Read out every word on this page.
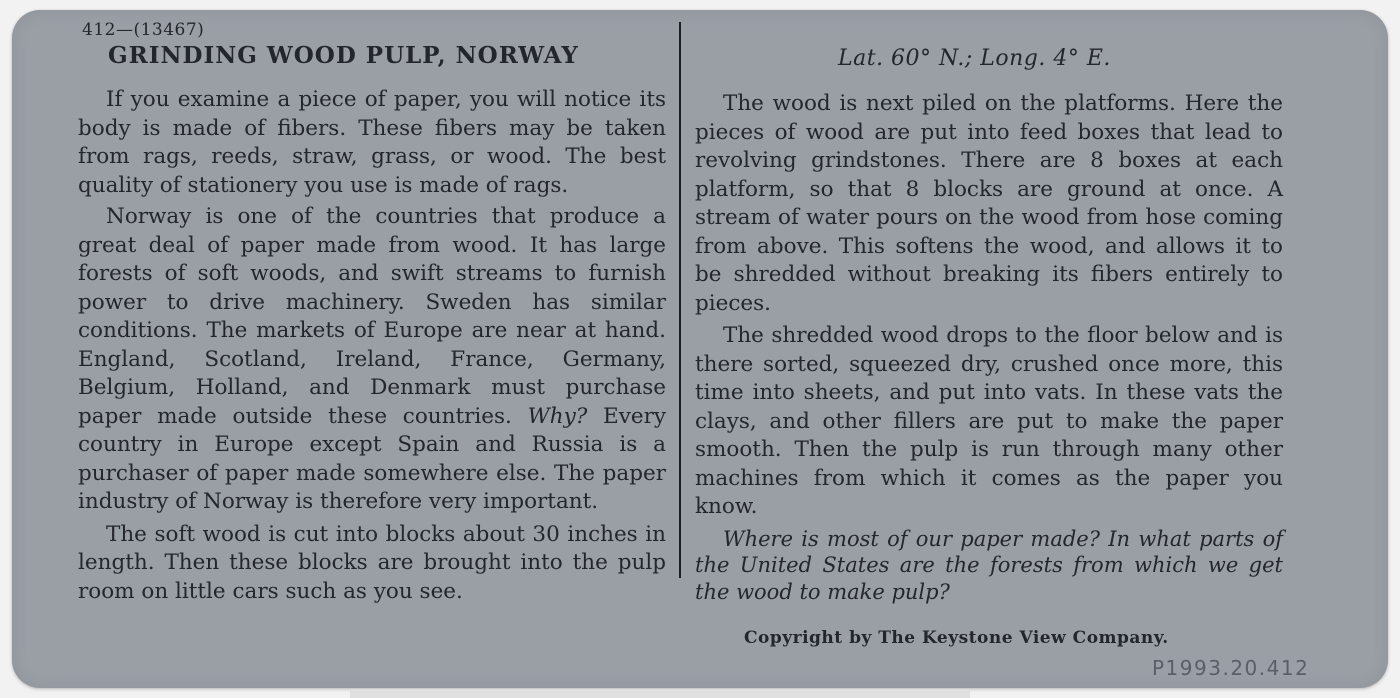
412—(13467)
GRINDING WOOD PULP, NORWAY	Lat. 60° N.; Long. 4° E.

If you examine a piece of paper, you will notice its body is made of fibers. These fibers may be taken from rags, reeds, straw, grass, or wood. The best quality of stationery you use is made of rags.

Norway is one of the countries that produce a great deal of paper made from wood. It has large forests of soft woods, and swift streams to furnish power to drive machinery. Sweden has similar conditions. The markets of Europe are near at hand. England, Scotland, Ireland, France, Germany, Belgium, Holland, and Denmark must purchase paper made outside these countries. Why? Every country in Europe except Spain and Russia is a purchaser of paper made somewhere else. The paper industry of Norway is therefore very important.

The soft wood is cut into blocks about 30 inches in length. Then these blocks are brought into the pulp room on little cars such as you see.

The wood is next piled on the platforms. Here the pieces of wood are put into feed boxes that lead to revolving grindstones. There are 8 boxes at each platform, so that 8 blocks are ground at once. A stream of water pours on the wood from hose coming from above. This softens the wood, and allows it to be shredded without breaking its fibers entirely to pieces.

The shredded wood drops to the floor below and is there sorted, squeezed dry, crushed once more, this time into sheets, and put into vats. In these vats the clays, and other fillers are put to make the paper smooth. Then the pulp is run through many other machines from which it comes as the paper you know.

Where is most of our paper made? In what parts of the United States are the forests from which we get the wood to make pulp?

Copyright by The Keystone View Company.
P1993.20.412
